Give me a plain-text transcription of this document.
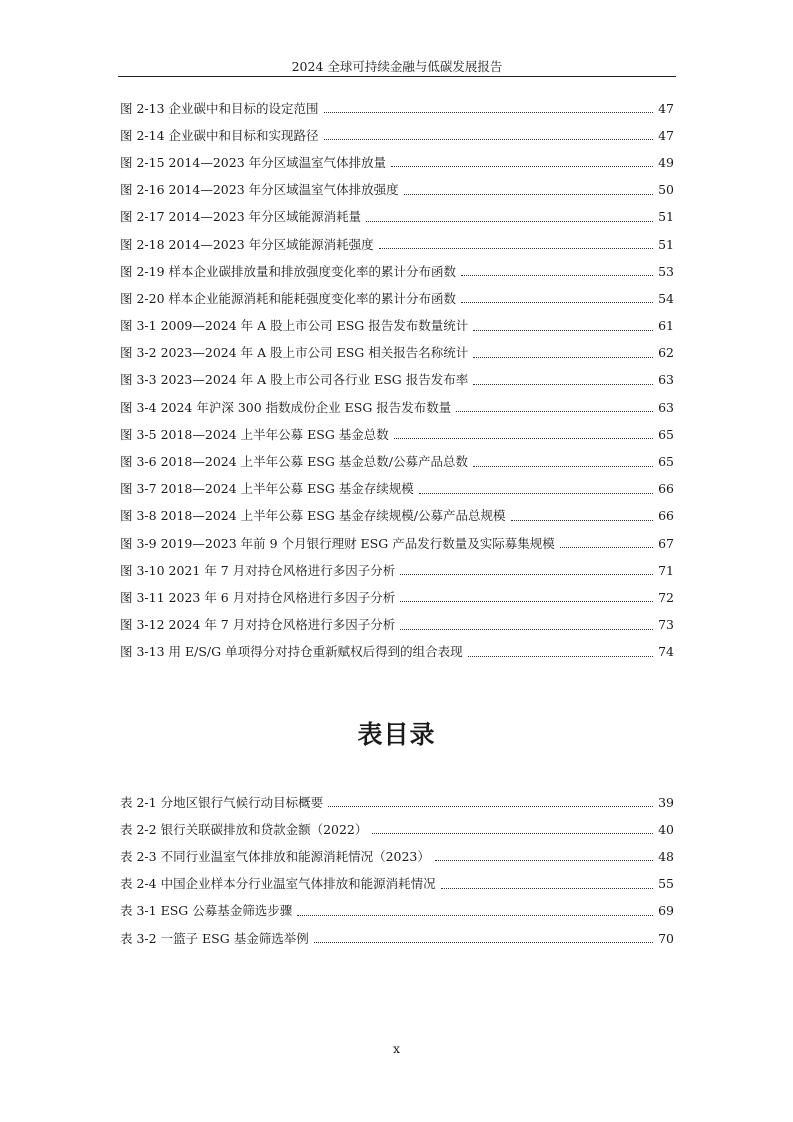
2024 全球可持续金融与低碳发展报告
图 2-13 企业碳中和目标的设定范围	47
图 2-14 企业碳中和目标和实现路径	47
图 2-15 2014—2023 年分区域温室气体排放量	49
图 2-16 2014—2023 年分区域温室气体排放强度	50
图 2-17 2014—2023 年分区域能源消耗量	51
图 2-18 2014—2023 年分区域能源消耗强度	51
图 2-19 样本企业碳排放量和排放强度变化率的累计分布函数	53
图 2-20 样本企业能源消耗和能耗强度变化率的累计分布函数	54
图 3-1 2009—2024 年 A 股上市公司 ESG 报告发布数量统计	61
图 3-2 2023—2024 年 A 股上市公司 ESG 相关报告名称统计	62
图 3-3 2023—2024 年 A 股上市公司各行业 ESG 报告发布率	63
图 3-4 2024 年沪深 300 指数成份企业 ESG 报告发布数量	63
图 3-5 2018—2024 上半年公募 ESG 基金总数	65
图 3-6 2018—2024 上半年公募 ESG 基金总数/公募产品总数	65
图 3-7 2018—2024 上半年公募 ESG 基金存续规模	66
图 3-8 2018—2024 上半年公募 ESG 基金存续规模/公募产品总规模	66
图 3-9 2019—2023 年前 9 个月银行理财 ESG 产品发行数量及实际募集规模	67
图 3-10 2021 年 7 月对持仓风格进行多因子分析	71
图 3-11 2023 年 6 月对持仓风格进行多因子分析	72
图 3-12 2024 年 7 月对持仓风格进行多因子分析	73
图 3-13 用 E/S/G 单项得分对持仓重新赋权后得到的组合表现	74
表目录
表 2-1 分地区银行气候行动目标概要	39
表 2-2 银行关联碳排放和贷款金额（2022）	40
表 2-3 不同行业温室气体排放和能源消耗情况（2023）	48
表 2-4 中国企业样本分行业温室气体排放和能源消耗情况	55
表 3-1 ESG 公募基金筛选步骤	69
表 3-2 一篮子 ESG 基金筛选举例	70
x
